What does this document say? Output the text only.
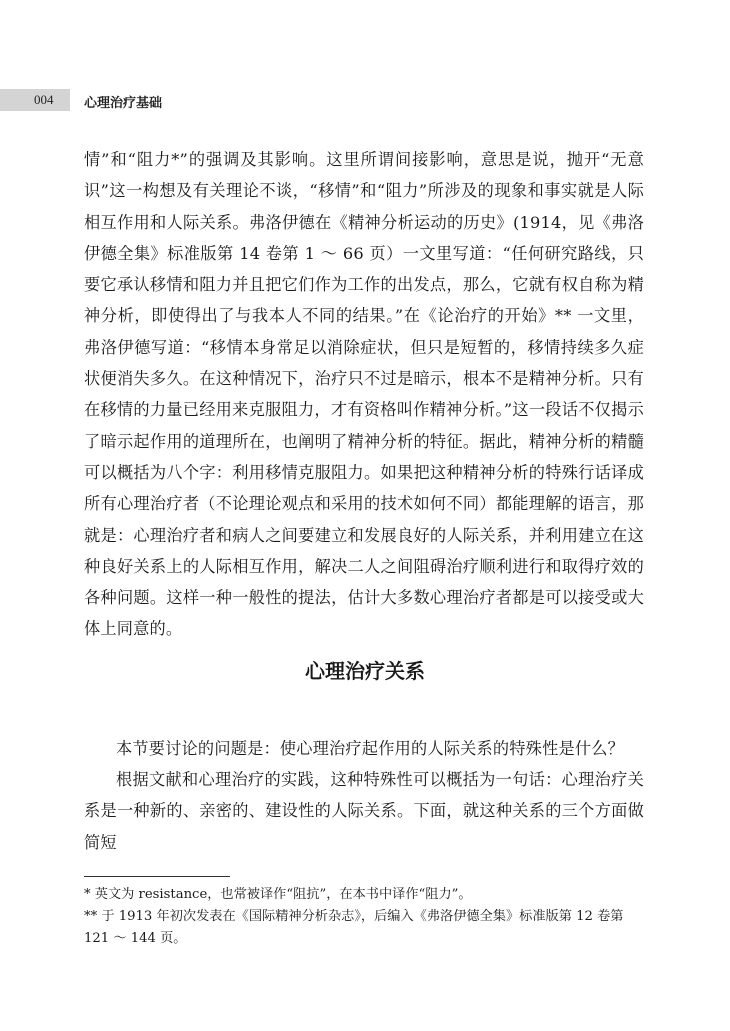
004 心理治疗基础

情”和“阻力*”的强调及其影响。这里所谓间接影响，意思是说，抛开“无意识”这一构想及有关理论不谈，“移情”和“阻力”所涉及的现象和事实就是人际相互作用和人际关系。弗洛伊德在《精神分析运动的历史》(1914，见《弗洛伊德全集》标准版第 14 卷第 1 ～ 66 页）一文里写道：“任何研究路线，只要它承认移情和阻力并且把它们作为工作的出发点，那么，它就有权自称为精神分析，即使得出了与我本人不同的结果。”在《论治疗的开始》** 一文里，弗洛伊德写道：“移情本身常足以消除症状，但只是短暂的，移情持续多久症状便消失多久。在这种情况下，治疗只不过是暗示，根本不是精神分析。只有在移情的力量已经用来克服阻力，才有资格叫作精神分析。”这一段话不仅揭示了暗示起作用的道理所在，也阐明了精神分析的特征。据此，精神分析的精髓可以概括为八个字：利用移情克服阻力。如果把这种精神分析的特殊行话译成所有心理治疗者（不论理论观点和采用的技术如何不同）都能理解的语言，那就是：心理治疗者和病人之间要建立和发展良好的人际关系，并利用建立在这种良好关系上的人际相互作用，解决二人之间阻碍治疗顺利进行和取得疗效的各种问题。这样一种一般性的提法，估计大多数心理治疗者都是可以接受或大体上同意的。

心理治疗关系

本节要讨论的问题是：使心理治疗起作用的人际关系的特殊性是什么？

根据文献和心理治疗的实践，这种特殊性可以概括为一句话：心理治疗关系是一种新的、亲密的、建设性的人际关系。下面，就这种关系的三个方面做简短

* 英文为 resistance，也常被译作“阻抗”，在本书中译作“阻力”。

** 于 1913 年初次发表在《国际精神分析杂志》，后编入《弗洛伊德全集》标准版第 12 卷第 121 ～ 144 页。
